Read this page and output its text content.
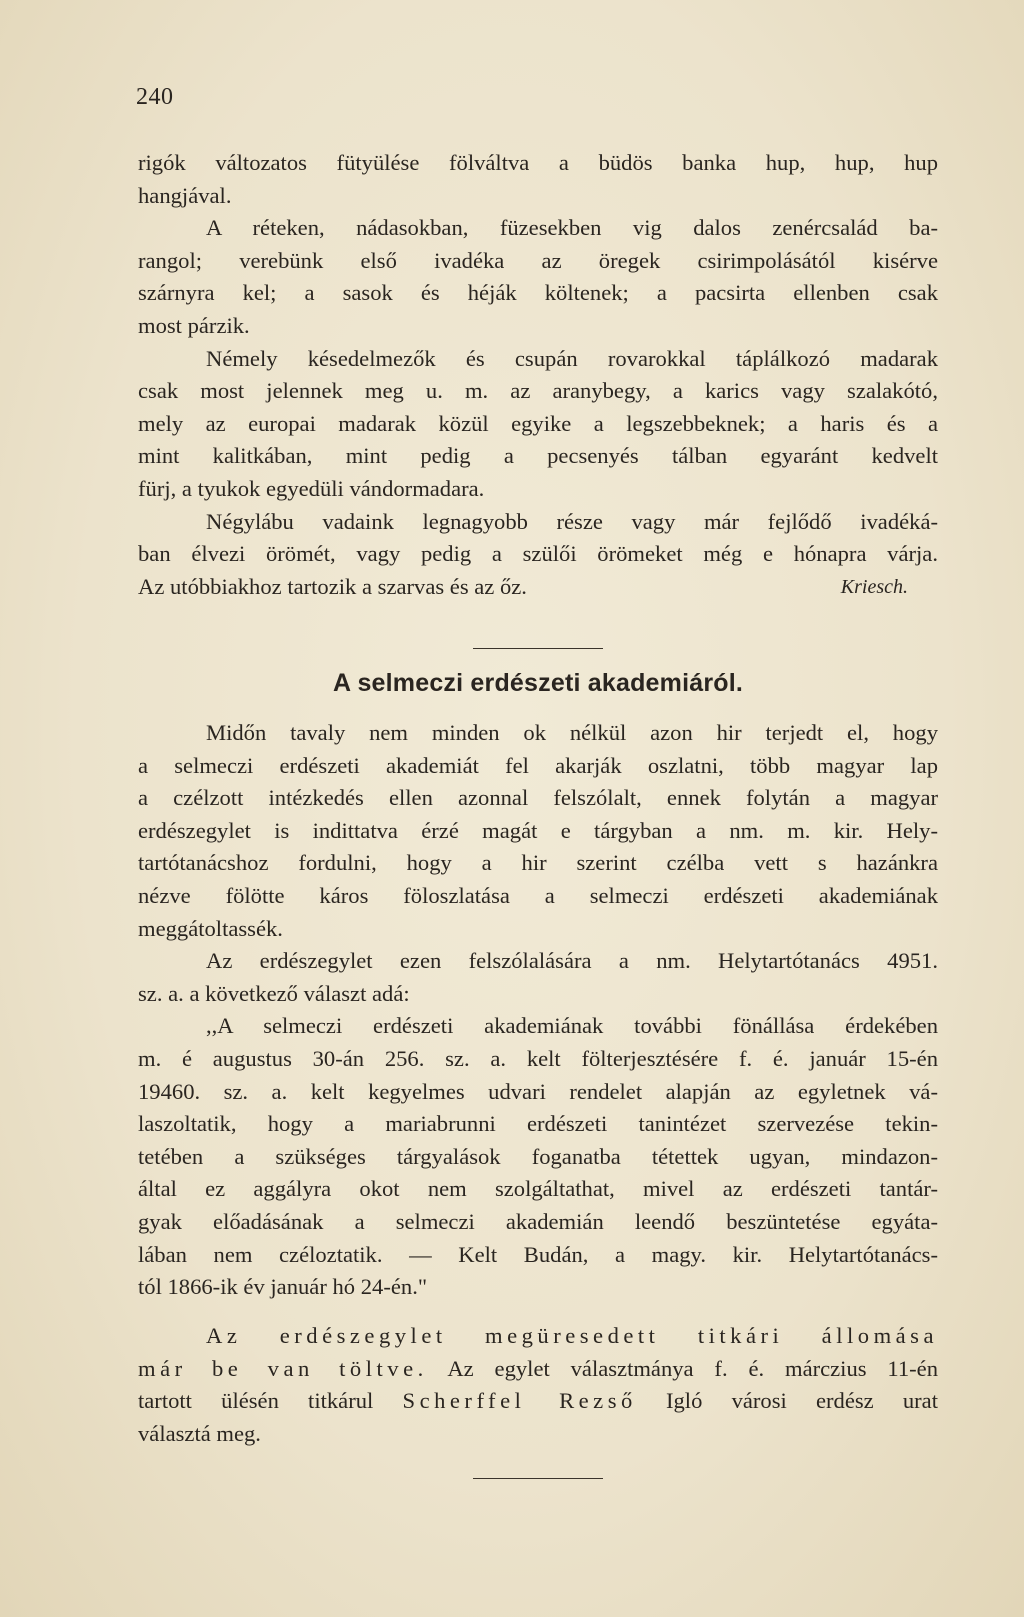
240
rigók változatos fütyülése fölváltva a büdös banka hup, hup, hup
hangjával.
A réteken, nádasokban, füzesekben vig dalos zenércsalád ba-
rangol; verebünk első ivadéka az öregek csirimpolásától kisérve
szárnyra kel; a sasok és héják költenek; a pacsirta ellenben csak
most párzik.
Némely késedelmezők és csupán rovarokkal táplálkozó madarak
csak most jelennek meg u. m. az aranybegy, a karics vagy szalakótó,
mely az europai madarak közül egyike a legszebbeknek; a haris és a
mint kalitkában, mint pedig a pecsenyés tálban egyaránt kedvelt
fürj, a tyukok egyedüli vándormadara.
Négylábu vadaink legnagyobb része vagy már fejlődő ivadéká-
ban élvezi örömét, vagy pedig a szülői örömeket még e hónapra várja.
Az utóbbiakhoz tartozik a szarvas és az őz.	Kriesch.
A selmeczi erdészeti akademiáról.
Midőn tavaly nem minden ok nélkül azon hir terjedt el, hogy
a selmeczi erdészeti akademiát fel akarják oszlatni, több magyar lap
a czélzott intézkedés ellen azonnal felszólalt, ennek folytán a magyar
erdészegylet is indittatva érzé magát e tárgyban a nm. m. kir. Hely-
tartótanácshoz fordulni, hogy a hir szerint czélba vett s hazánkra
nézve fölötte káros föloszlatása a selmeczi erdészeti akademiának
meggátoltassék.
Az erdészegylet ezen felszólalására a nm. Helytartótanács 4951.
sz. a. a következő választ adá:
,,A selmeczi erdészeti akademiának további fönállása érdekében
m. é augustus 30-án 256. sz. a. kelt fölterjesztésére f. é. január 15-én
19460. sz. a. kelt kegyelmes udvari rendelet alapján az egyletnek vá-
laszoltatik, hogy a mariabrunni erdészeti tanintézet szervezése tekin-
tetében a szükséges tárgyalások foganatba tétettek ugyan, mindazon-
által ez aggályra okot nem szolgáltathat, mivel az erdészeti tantár-
gyak előadásának a selmeczi akademián leendő beszüntetése egyáta-
lában nem czéloztatik. — Kelt Budán, a magy. kir. Helytartótanács-
tól 1866-ik év január hó 24-én."
Az erdészegylet megüresedett titkári állomása
már be van töltve. Az egylet választmánya f. é. márczius 11-én
tartott ülésén titkárul Scherffel Rezső Igló városi erdész urat
választá meg.
